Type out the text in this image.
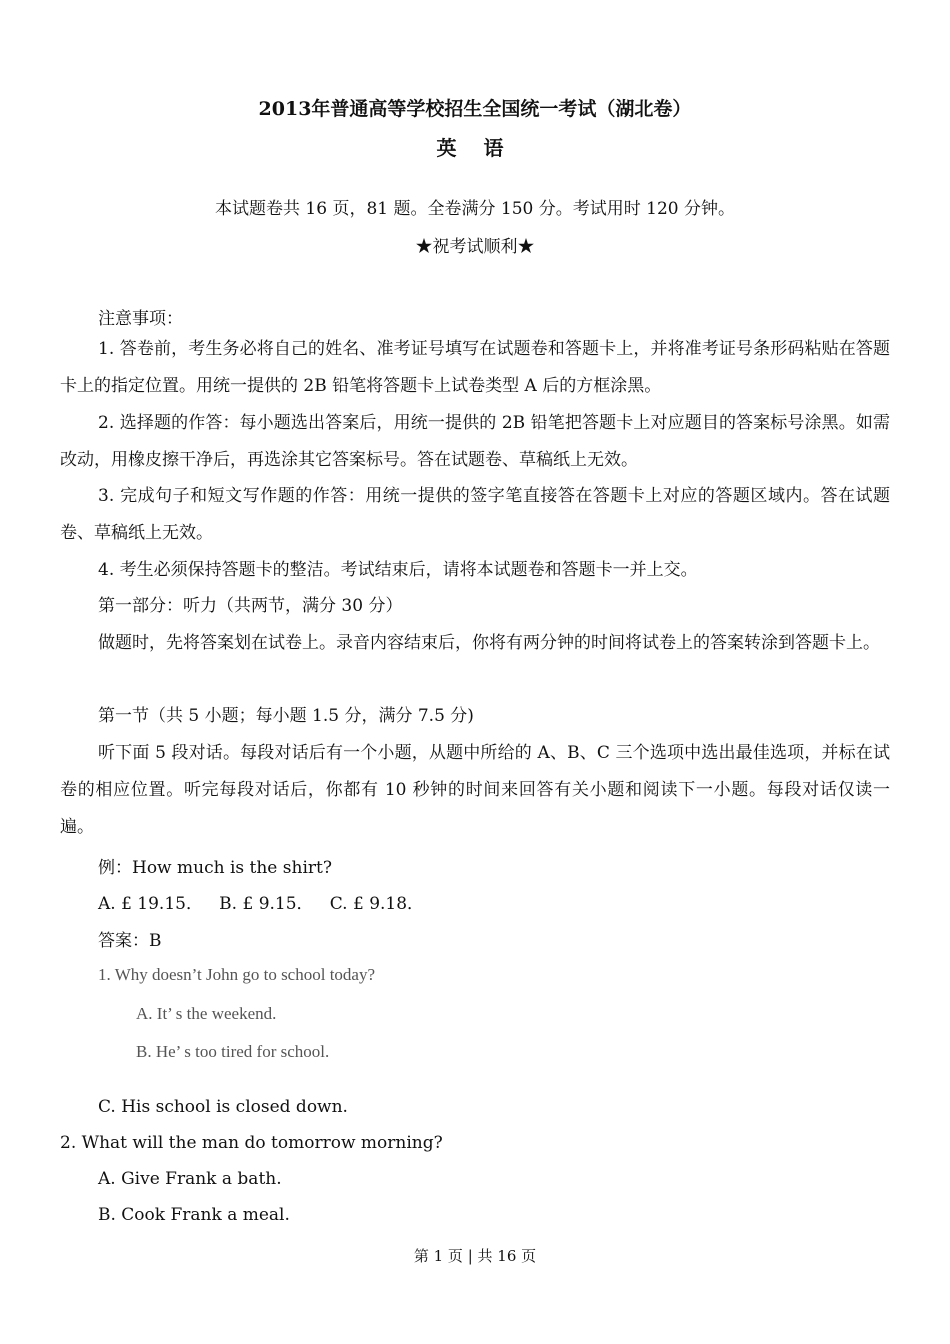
2013年普通高等学校招生全国统一考试（湖北卷）
英 语
本试题卷共 16 页，81 题。全卷满分 150 分。考试用时 120 分钟。
★祝考试顺利★
注意事项：
1. 答卷前，考生务必将自己的姓名、准考证号填写在试题卷和答题卡上，并将准考证号条形码粘贴在答题卡上的指定位置。用统一提供的 2B 铅笔将答题卡上试卷类型 A 后的方框涂黑。
2. 选择题的作答：每小题选出答案后，用统一提供的 2B 铅笔把答题卡上对应题目的答案标号涂黑。如需改动，用橡皮擦干净后，再选涂其它答案标号。答在试题卷、草稿纸上无效。
3. 完成句子和短文写作题的作答：用统一提供的签字笔直接答在答题卡上对应的答题区域内。答在试题卷、草稿纸上无效。
4. 考生必须保持答题卡的整洁。考试结束后，请将本试题卷和答题卡一并上交。
第一部分：听力（共两节，满分 30 分）
做题时，先将答案划在试卷上。录音内容结束后，你将有两分钟的时间将试卷上的答案转涂到答题卡上。
第一节（共 5 小题；每小题 1.5 分，满分 7.5 分)
听下面 5 段对话。每段对话后有一个小题，从题中所给的 A、B、C 三个选项中选出最佳选项，并标在试卷的相应位置。听完每段对话后，你都有 10 秒钟的时间来回答有关小题和阅读下一小题。每段对话仅读一遍。
例：How much is the shirt?
A. £ 19.15．   B. £ 9.15．   C. £ 9.18．
答案：B
1. Why doesn’t John go to school today?
A. It’ s the weekend.
B. He’ s too tired for school.
C. His school is closed down.
2. What will the man do tomorrow morning?
A. Give Frank a bath.
B. Cook Frank a meal.
第 1 页 | 共 16 页
